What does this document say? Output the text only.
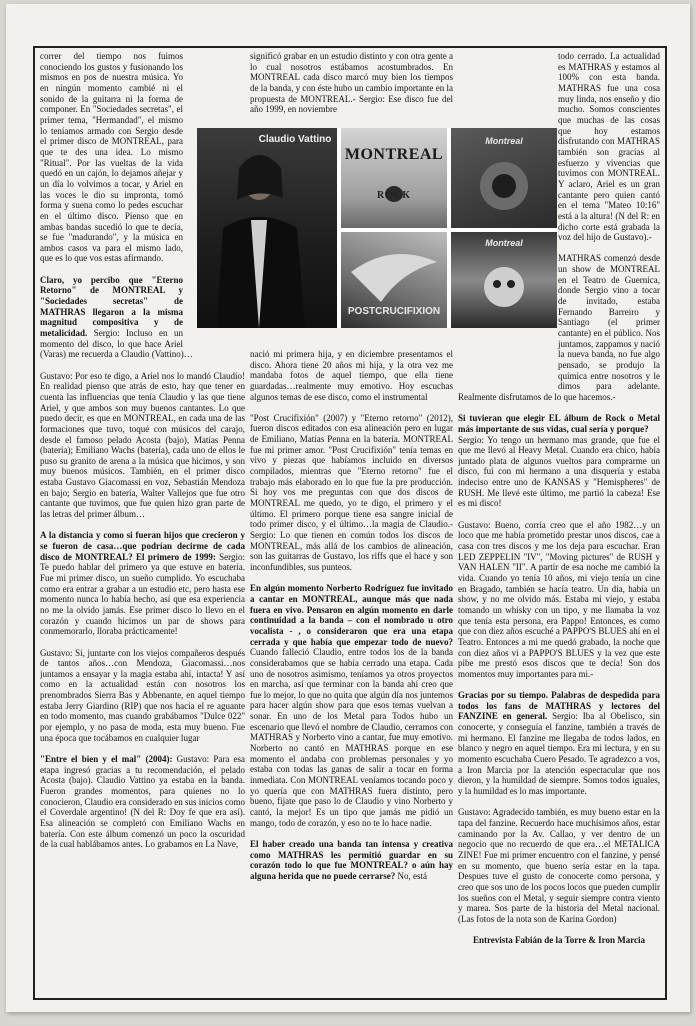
Claudio Vattino
MONTREAL
ROCK
Montreal
POSTCRUCIFIXION
Montreal

correr del tiempo nos fuimos conociendo los gustos y fusionando los mismos en pos de nuestra música. Yo en ningún momento cambié ni el sonido de la guitarra ni la forma de componer. En "Sociedades secretas", el primer tema, "Hermandad", el mismo lo teníamos armado con Sergio desde el primer disco de MONTREAL, para que te des una idea. Lo mismo "Ritual". Por las vueltas de la vida quedó en un cajón, lo dejamos añejar y un día lo volvimos a tocar, y Ariel en las voces le dio su impronta, tomó forma y suena como lo pedes escuchar en el último disco. Pienso que en ambas bandas sucedió lo que te decía, se fue "madurando", y la música en ambos casos va para el mismo lado, que es lo que vos estas afirmando.

Claro, yo percibo que "Eterno Retorno" de MONTREAL y "Sociedades secretas" de MATHRAS llegaron a la misma magnitud compositiva y de metalicidad. Sergio: Incluso en un momento del disco, lo que hace Ariel (Varas) me recuerda a Claudio (Vattino)…

Gustavo: Por eso te digo, a Ariel nos lo mandó Claudio! En realidad pienso que atrás de esto, hay que tener en cuenta las influencias que tenía Claudio y las que tiene Ariel, y que ambos son muy buenos cantantes. Lo que puedo decir, es que en MONTREAL, en cada una de las formaciones que tuvo, toqué con músicos del carajo, desde el famoso pelado Acosta (bajo), Matías Penna (batería); Emiliano Wachs (batería), cada uno de ellos le puso su granito de arena a la música que hicimos, y son muy buenos músicos. También, en el primer disco estaba Gustavo Giacomassi en voz, Sebastián Mendoza en bajo; Sergio en batería, Walter Vallejos que fue otro cantante que tuvimos, que fue quien hizo gran parte de las letras del primer álbum…

A la distancia y como si fueran hijos que crecieron y se fueron de casa…que podrían decirme de cada disco de MONTREAL? El primero de 1999: Sergio: Te puedo hablar del primero ya que estuve en batería. Fue mi primer disco, un sueño cumplido. Yo escuchaba como era entrar a grabar a un estudio etc, pero hasta ese momento nunca lo había hecho, así que esa experiencia no me la olvido jamás. Ese primer disco lo llevo en el corazón y cuando hicimos un par de shows para conmemorarlo, lloraba prácticamente!

Gustavo: Si, juntarte con los viejos compañeros después de tantos años…con Mendoza, Giacomassi…nos juntamos a ensayar y la magia estaba ahí, intacta! Y así como en la actualidad están con nosotros los prenombrados Sierra Bas y Abbenante, en aquel tiempo estaba Jerry Giardino (RIP) que nos hacía el re aguante en todo momento, mas cuando grabábamos "Dulce 022" por ejemplo, y no pasa de moda, esta muy bueno. Fue una época que tocábamos en cualquier lugar

"Entre el bien y el mal" (2004): Gustavo: Para esa etapa ingresó gracias a tu recomendación, el pelado Acosta (bajo). Claudio Vattino ya estaba en la banda. Fueron grandes momentos, para quienes no lo conocieron, Claudio era considerado en sus inicios como el Coverdale argentino! (N del R: Doy fe que era así). Esa alineación se completó con Emiliano Wachs en batería. Con este álbum comenzó un poco la oscuridad de la cual hablábamos antes. Lo grabamos en La Nave,

significó grabar en un estudio distinto y con otra gente a lo cual nosotros estábamos acostumbrados. En MONTREAL cada disco marcó muy bien los tiempos de la banda, y con éste hubo un cambio importante en la propuesta de MONTREAL.- Sergio: Ese disco fue del año 1999, en noviembre

nació mi primera hija, y en diciembre presentamos el disco. Ahora tiene 20 años mi hija, y la otra vez me mandaba fotos de aquel tiempo, que ella tiene guardadas…realmente muy emotivo. Hoy escuchas algunos temas de ese disco, como el instrumental

"Post Crucifixión" (2007) y "Eterno retorno" (2012), fueron discos editados con esa alineación pero en lugar de Emiliano, Matías Penna en la batería. MONTREAL fue mi primer amor. "Post Crucifixión" tenía temas en vivo y piezas que habíamos incluido en diversos compilados, mientras que "Eterno retorno" fue el trabajo más elaborado en lo que fue la pre producción. Si hoy vos me preguntas con que dos discos de MONTREAL me quedo, yo te digo, el primero y el último. El primero porque tiene esa sangre inicial de todo primer disco, y el último…la magia de Claudio.- Sergio: Lo que tienen en común todos los discos de MONTREAL, más allá de los cambios de alineación, son las guitarras de Gustavo, los riffs que el hace y son inconfundibles, sus punteos.

En algún momento Norberto Rodríguez fue invitado a cantar en MONTREAL, aunque más que nada fuera en vivo. Pensaron en algún momento en darle continuidad a la banda – con el nombrado u otro vocalista - , o consideraron que era una etapa cerrada y que había que empezar todo de nuevo? Cuando falleció Claudio, entre todos los de la banda considerabamos que se había cerrado una etapa. Cada uno de nosotros asimismo, teníamos ya otros proyectos en marcha, así que terminar con la banda ahí creo que fue lo mejor, lo que no quita que algún día nos juntemos para hacer algún show para que esos temas vuelvan a sonar. En uno de los Metal para Todos hubo un escenario que llevó el nombre de Claudio, cerramos con MATHRAS y Norberto vino a cantar, fue muy emotivo. Norberto no cantó en MATHRAS porque en ese momento el andaba con problemas personales y yo estaba con todas las ganas de salir a tocar en forma inmediata. Con MONTREAL veníamos tocando poco y yo quería que con MATHRAS fuera distinto, pero bueno, fijate que paso lo de Claudio y vino Norberto y cantó, la mejor! Es un tipo que jamás me pidió un mango, todo de corazón, y eso no te lo hace nadie.

El haber creado una banda tan intensa y creativa como MATHRAS les permitió guardar en su corazón todo lo que fue MONTREAL? o aún hay alguna herida que no puede cerrarse? No, está

todo cerrado. La actualidad es MATHRAS y estamos al 100% con esta banda. MATHRAS fue una cosa muy linda, nos enseño y dio mucho. Somos conscientes que muchas de las cosas que hoy estamos disfrutando con MATHRAS también son gracias al esfuerzo y vivencias que tuvimos con MONTREAL. Y aclaro, Ariel es un gran cantante pero quien cantó en el tema "Mateo 10:16" está a la altura! (N del R: en dicho corte está grabada la voz del hijo de Gustavo).-

MATHRAS comenzó desde un show de MONTREAL en el Teatro de Guernica, donde Sergio vino a tocar de invitado, estaba Fernando Barreiro y Santiago (el primer cantante) en el público. Nos juntamos, zappamos y nació la nueva banda, no fue algo pensado, se produjo la química entre nosotros y le dimos para adelante. Realmente disfrutamos de lo que hacemos.-

Si tuvieran que elegir EL álbum de Rock o Metal más importante de sus vidas, cual sería y porque?

Sergio: Yo tengo un hermano mas grande, que fue el que me llevó al Heavy Metal. Cuando era chico, había juntado plata de algunos vueltos para comprarme un disco, fui con mi hermano a una disquería y estaba indeciso entre uno de KANSAS y "Hemispheres" de RUSH. Me llevé este último, me partió la cabeza! Ese es mi disco!

Gustavo: Bueno, corría creo que el año 1982…y un loco que me había prometido prestar unos discos, cae a casa con tres discos y me los deja para escuchar. Eran LED ZEPPELIN "IV", "Moving pictures" de RUSH y VAN HALEN "II". A partir de esa noche me cambió la vida. Cuando yo tenía 10 años, mi viejo tenía un cine en Bragado, también se hacía teatro. Un día, había un show, y no me olvido más. Estaba mi viejo, y estaba tomando un whisky con un tipo, y me llamaba la voz que tenía esta persona, era Pappo! Entonces, es como que con diez años escuché a PAPPO'S BLUES ahí en el Teatro. Entonces a mi me quedó grabado, la noche que con diez años vi a PAPPO'S BLUES y la vez que este pibe me prestó esos discos que te decía! Son dos momentos muy importantes para mi.-

Gracias por su tiempo. Palabras de despedida para todos los fans de MATHRAS y lectores del FANZINE en general. Sergio: Iba al Obelisco, sin conocerte, y conseguía el fanzine, también a través de mi hermano. El fanzine me llegaba de todos lados, en blanco y negro en aquel tiempo. Era mi lectura, y en su momento escuchaba Cuero Pesado. Te agradezco a vos, a Iron Marcia por la atención espectacular que nos dieron, y la humildad de siempre. Somos todos iguales, y la humildad es lo mas importante.

Gustavo: Agradecido también, es muy bueno estar en la tapa del fanzine. Recuerdo hace muchísimos años, estar caminando por la Av. Callao, y ver dentro de un negocio que no recuerdo de que era…el METALICA ZINE! Fue mi primer encuentro con el fanzine, y pensé en su momento, que bueno sería estar en la tapa. Despues tuve el gusto de conocerte como persona, y creo que sos uno de los pocos locos que pueden cumplir los sueños con el Metal, y seguir siempre contra viento y marea. Sos parte de la historia del Metal nacional. (Las fotos de la nota son de Karina Gordon)

Entrevista Fabián de la Torre & Iron Marcia
